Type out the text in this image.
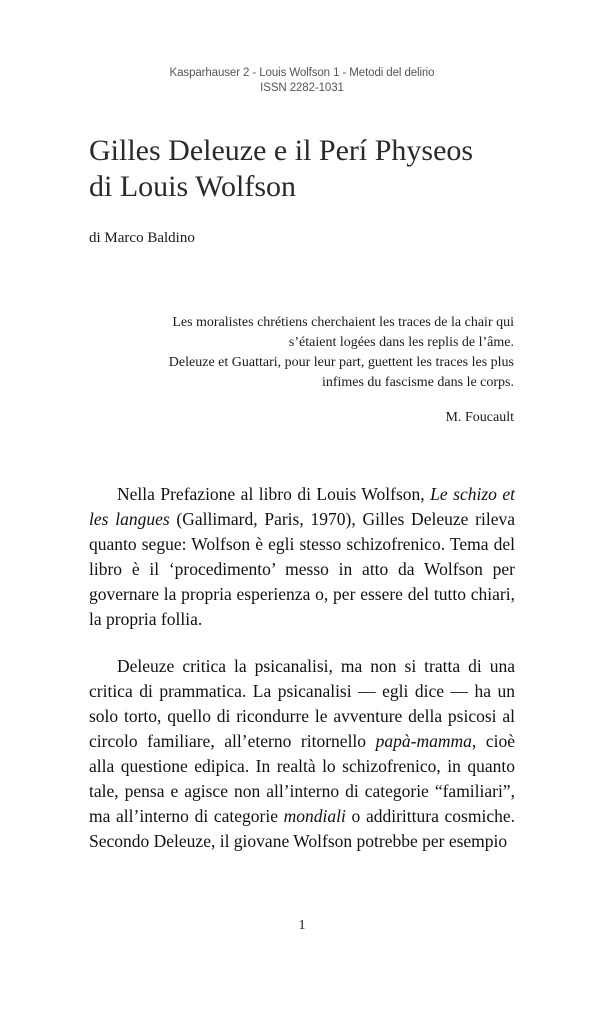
Kasparhauser 2 - Louis Wolfson 1 - Metodi del delirio
ISSN 2282-1031
Gilles Deleuze e il Perí Physeos
di Louis Wolfson
di Marco Baldino
Les moralistes chrétiens cherchaient les traces de la chair qui
s’étaient logées dans les replis de l’âme.
Deleuze et Guattari, pour leur part, guettent les traces les plus
infimes du fascisme dans le corps.
M. Foucault

Nella Prefazione al libro di Louis Wolfson, Le schizo et les langues (Gallimard, Paris, 1970), Gilles Deleuze rileva quanto segue: Wolfson è egli stesso schizofrenico. Tema del libro è il ‘procedimento’ messo in atto da Wolfson per governare la propria esperienza o, per essere del tutto chiari, la propria follia.

Deleuze critica la psicanalisi, ma non si tratta di una critica di prammatica. La psicanalisi — egli dice — ha un solo torto, quello di ricondurre le avventure della psicosi al circolo familiare, all’eterno ritornello papà-mamma, cioè alla questione edipica. In realtà lo schizofrenico, in quanto tale, pensa e agisce non all’interno di categorie “familiari”, ma all’interno di categorie mondiali o addirittura cosmiche. Secondo Deleuze, il giovane Wolfson potrebbe per esempio

1
